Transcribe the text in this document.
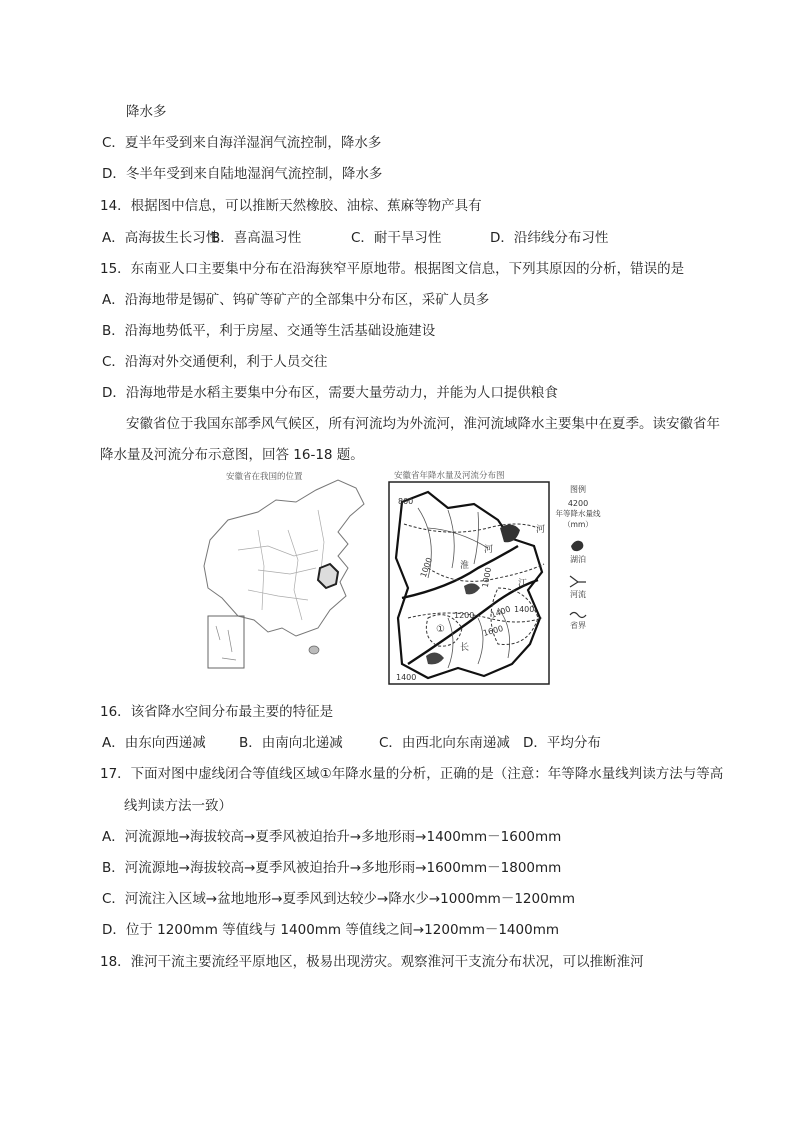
降水多
C．夏半年受到来自海洋湿润气流控制，降水多
D．冬半年受到来自陆地湿润气流控制，降水多
14．根据图中信息，可以推断天然橡胶、油棕、蕉麻等物产具有
A．高海拔生长习性
B．喜高温习性	C．耐干旱习性	D．沿纬线分布习性
15．东南亚人口主要集中分布在沿海狭窄平原地带。根据图文信息，下列其原因的分析，错误的是
A．沿海地带是锡矿、钨矿等矿产的全部集中分布区，采矿人员多
B．沿海地势低平，利于房屋、交通等生活基础设施建设
C．沿海对外交通便利，利于人员交往
D．沿海地带是水稻主要集中分布区，需要大量劳动力，并能为人口提供粮食
安徽省位于我国东部季风气候区，所有河流均为外流河，淮河流域降水主要集中在夏季。读安徽省年
降水量及河流分布示意图，回答 16-18 题。
安徽省在我国的位置	安徽省年降水量及河流分布图
800
1000	1000
1200 1400 1400
1600
1400
淮
河
河
江
长
①
图例
4200
年等降水量线
（mm）
湖泊
河流
省界
16．该省降水空间分布最主要的特征是
A．由东向西递减 B．由南向北递减	C．由西北向东南递减 D．平均分布
17．下面对图中虚线闭合等值线区域①年降水量的分析，正确的是（注意：年等降水量线判读方法与等高
线判读方法一致）
A．河流源地→海拔较高→夏季风被迫抬升→多地形雨→1400mm－1600mm
B．河流源地→海拔较高→夏季风被迫抬升→多地形雨→1600mm－1800mm
C．河流注入区域→盆地地形→夏季风到达较少→降水少→1000mm－1200mm
D．位于 1200mm 等值线与 1400mm 等值线之间→1200mm－1400mm
18．淮河干流主要流经平原地区，极易出现涝灾。观察淮河干支流分布状况，可以推断淮河
